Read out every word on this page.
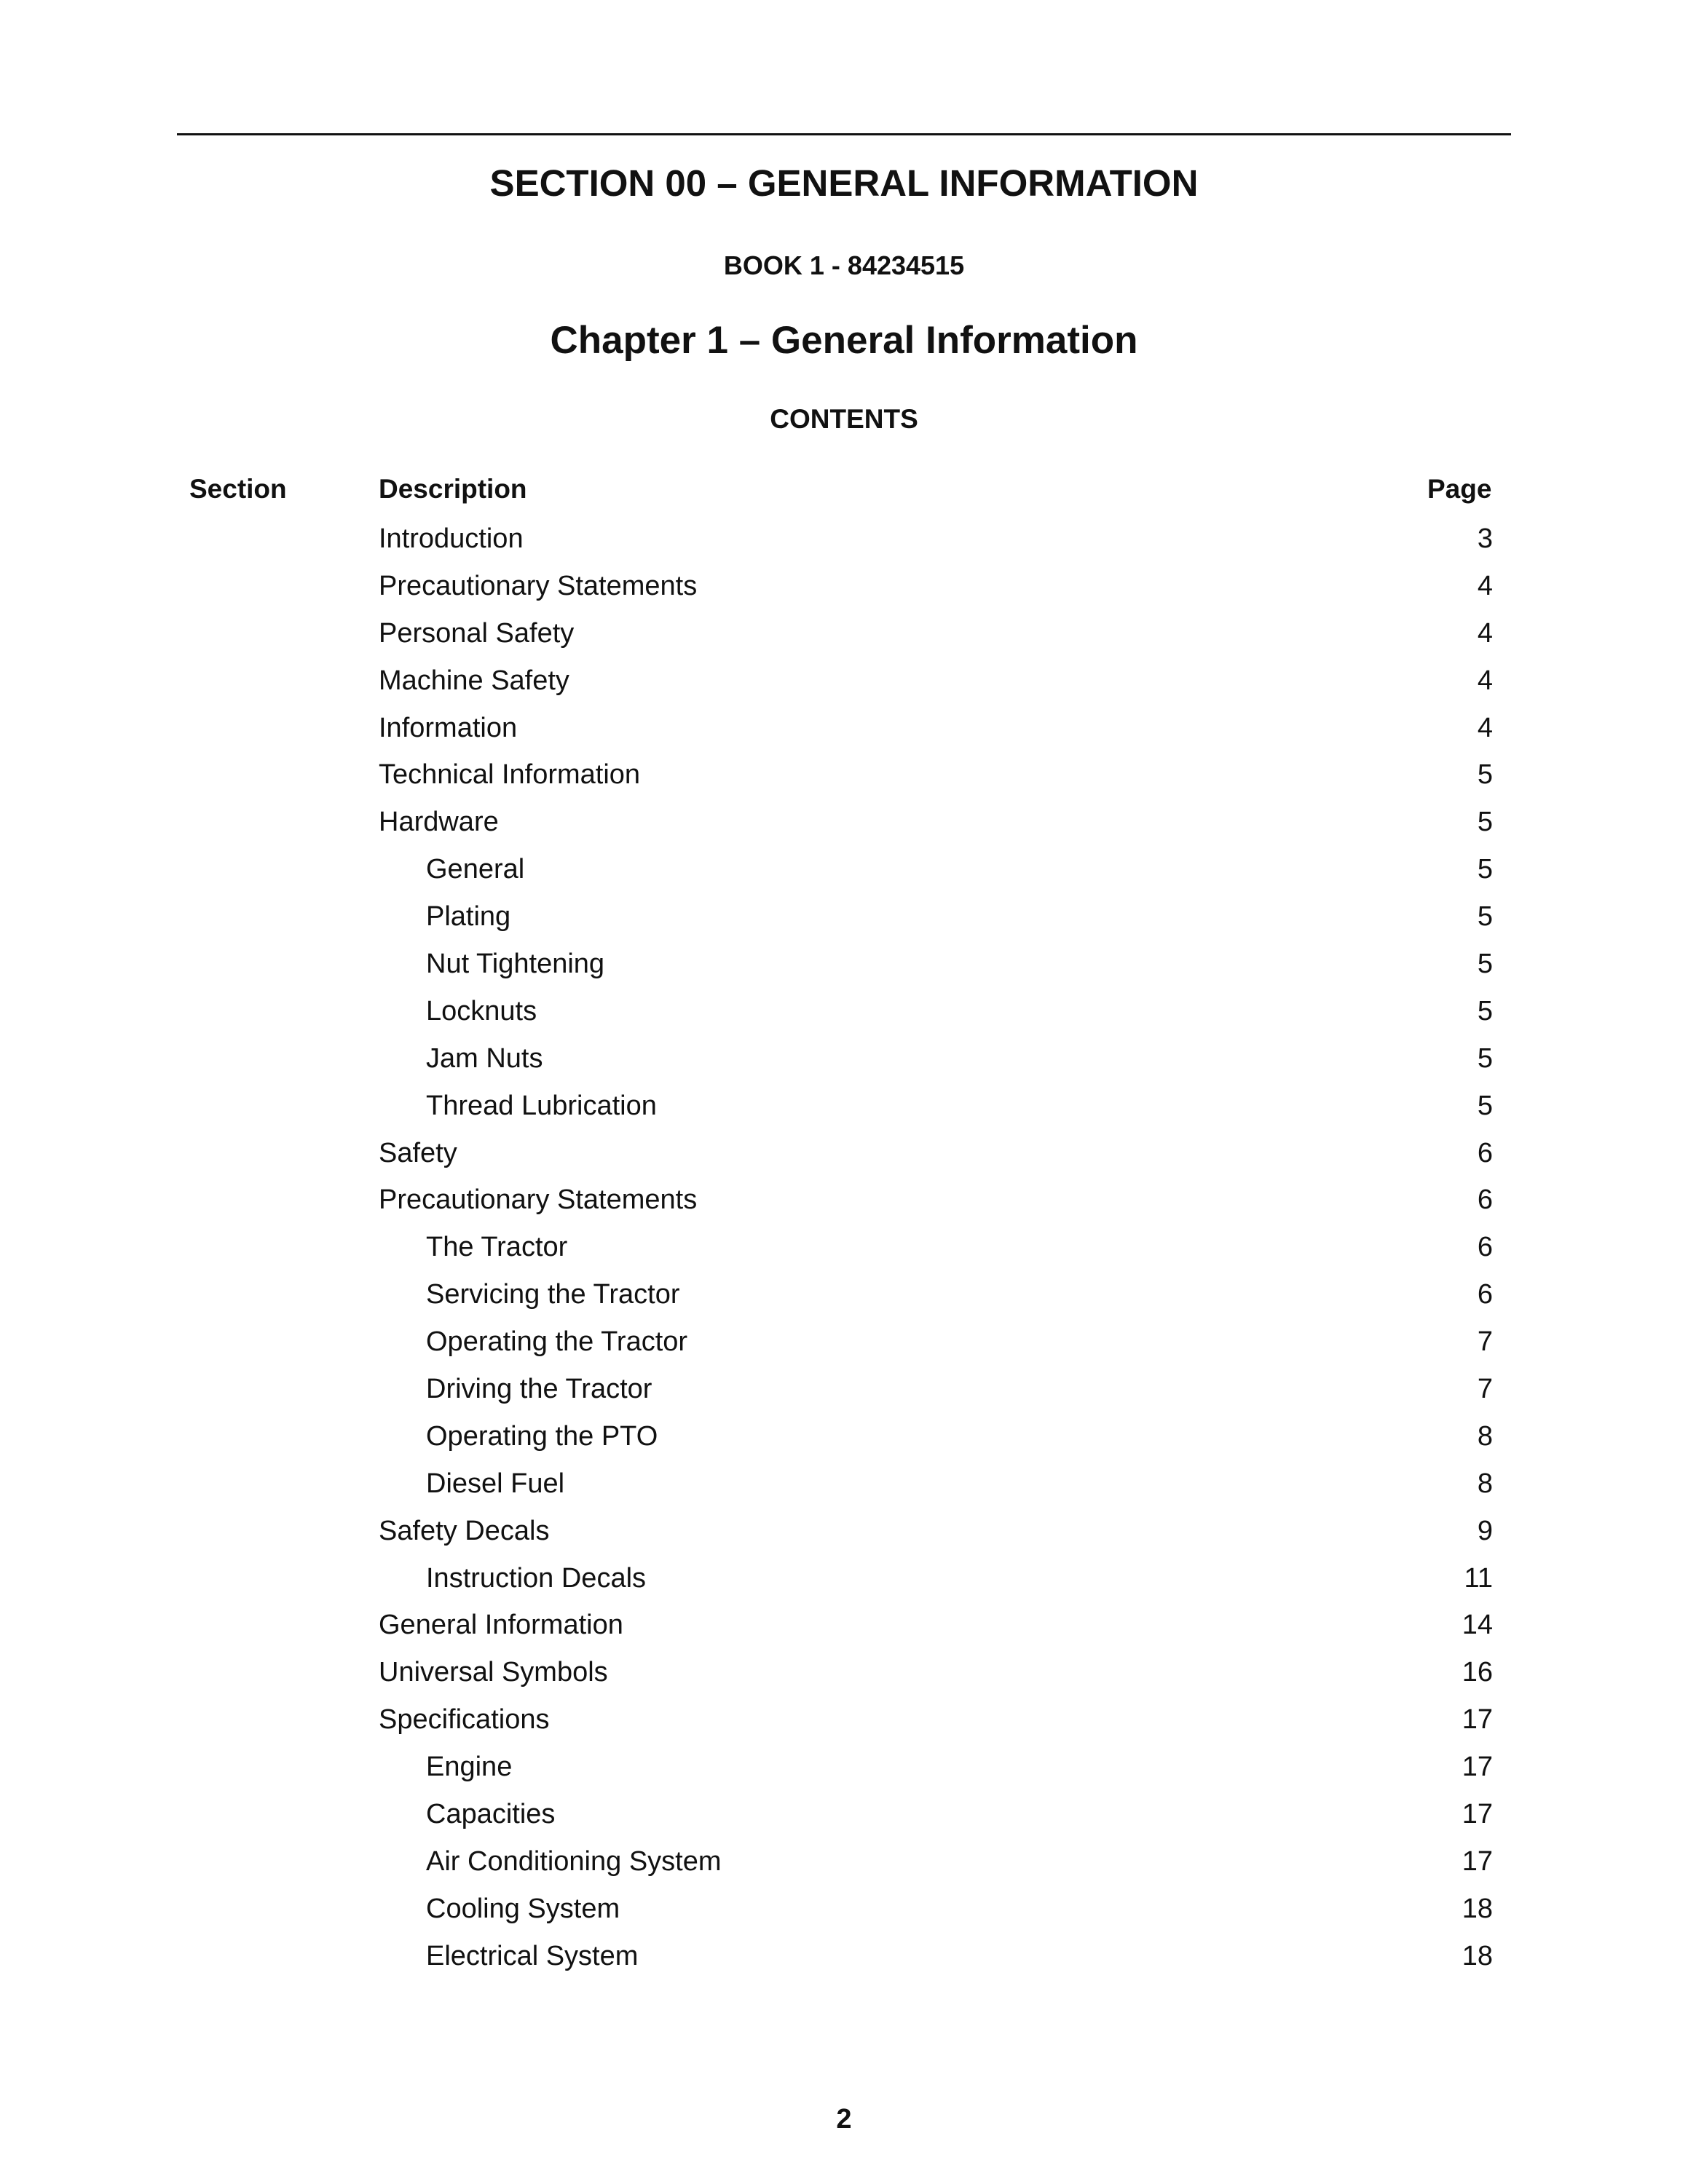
SECTION 00 – GENERAL INFORMATION
BOOK 1 - 84234515
Chapter 1 – General Information
CONTENTS
Section	Description	Page
Introduction	3
Precautionary Statements	4
Personal Safety	4
Machine Safety	4
Information	4
Technical Information	5
Hardware	5
General	5
Plating	5
Nut Tightening	5
Locknuts	5
Jam Nuts	5
Thread Lubrication	5
Safety	6
Precautionary Statements	6
The Tractor	6
Servicing the Tractor	6
Operating the Tractor	7
Driving the Tractor	7
Operating the PTO	8
Diesel Fuel	8
Safety Decals	9
Instruction Decals	11
General Information	14
Universal Symbols	16
Specifications	17
Engine	17
Capacities	17
Air Conditioning System	17
Cooling System	18
Electrical System	18
2
